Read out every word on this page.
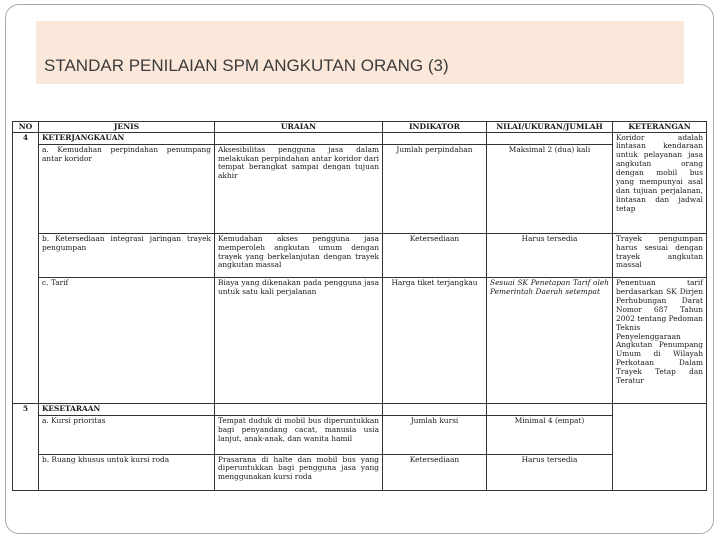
STANDAR PENILAIAN SPM ANGKUTAN ORANG (3)
NO	JENIS	URAIAN	INDIKATOR	NILAI/UKURAN/JUMLAH	KETERANGAN
4	KETERJANGKAUAN				Koridor adalah lintasan kendaraan untuk pelayanan jasa angkutan orang dengan mobil bus yang mempunyai asal dan tujuan perjalanan, lintasan dan jadwal tetap
	a. Kemudahan perpindahan penumpang antar koridor	Aksesibilitas pengguna jasa dalam melakukan perpindahan antar koridor dari tempat berangkat sampai dengan tujuan akhir	Jumlah perpindahan	Maksimal 2 (dua) kali	
	b. Ketersediaan integrasi jaringan trayek pengumpan	Kemudahan akses pengguna jasa memperoleh angkutan umum dengan trayek yang berkelanjutan dengan trayek angkutan massal	Ketersediaan	Harus tersedia	Trayek pengumpan harus sesuai dengan trayek angkutan massal
	c. Tarif	Biaya yang dikenakan pada pengguna jasa untuk satu kali perjalanan	Harga tiket terjangkau	Sesuai SK Penetapan Tarif oleh Pemerintah Daerah setempat	Penentuan tarif berdasarkan SK Dirjen Perhubungan Darat Nomor 687 Tahun 2002 tentang Pedoman Teknis Penyelenggaraan Angkutan Penumpang Umum di Wilayah Perkotaan Dalam Trayek Tetap dan Teratur
5	KESETARAAN				
	a. Kursi prioritas	Tempat duduk di mobil bus diperuntukkan bagi penyandang cacat, manusia usia lanjut, anak-anak, dan wanita hamil	Jumlah kursi	Minimal 4 (empat)	
	b. Ruang khusus untuk kursi roda	Prasarana di halte dan mobil bus yang diperuntukkan bagi pengguna jasa yang menggunakan kursi roda	Ketersediaan	Harus tersedia	
